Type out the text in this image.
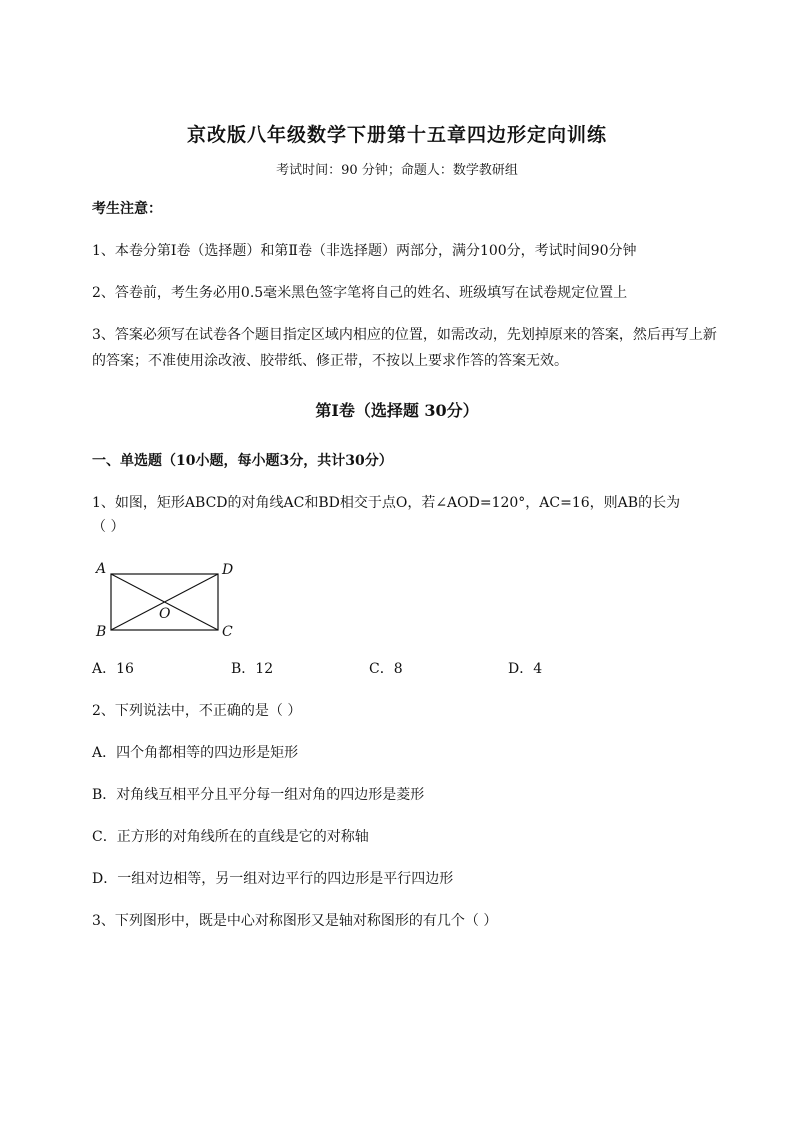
京改版八年级数学下册第十五章四边形定向训练
考试时间：90 分钟；命题人：数学教研组
考生注意：
1、本卷分第I卷（选择题）和第Ⅱ卷（非选择题）两部分，满分100分，考试时间90分钟
2、答卷前，考生务必用0.5毫米黑色签字笔将自己的姓名、班级填写在试卷规定位置上
3、答案必须写在试卷各个题目指定区域内相应的位置，如需改动，先划掉原来的答案，然后再写上新
的答案；不准使用涂改液、胶带纸、修正带，不按以上要求作答的答案无效。
第I卷（选择题 30分）
一、单选题（10小题，每小题3分，共计30分）
1、如图，矩形ABCD的对角线AC和BD相交于点O，若∠AOD=120°，AC=16，则AB的长为
（ ）
A	D
B	C
O
A．16	B．12	C．8	D．4
2、下列说法中，不正确的是（ ）
A．四个角都相等的四边形是矩形
B．对角线互相平分且平分每一组对角的四边形是菱形
C．正方形的对角线所在的直线是它的对称轴
D．一组对边相等，另一组对边平行的四边形是平行四边形
3、下列图形中，既是中心对称图形又是轴对称图形的有几个（ ）
